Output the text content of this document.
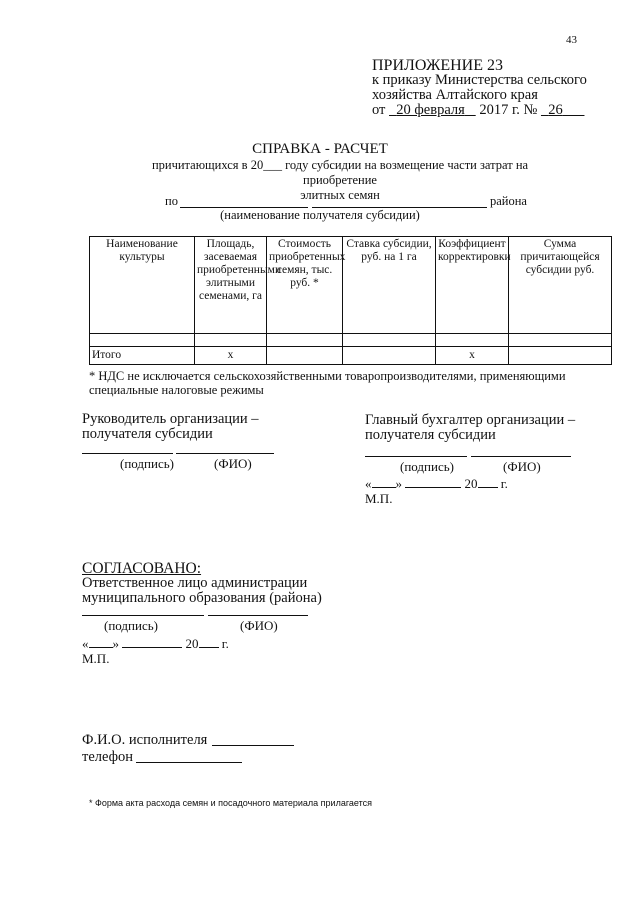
43
ПРИЛОЖЕНИЕ 23
к приказу Министерства сельского
хозяйства Алтайского края
от 20 февраля 2017 г. № 26
СПРАВКА - РАСЧЕТ
причитающихся в 20___ году субсидии на возмещение части затрат на приобретение
элитных семян
по	района
(наименование получателя субсидии)
Наименование культуры	Площадь, засеваемая приобретенными элитными семенами, га	Стоимость приобретенных семян, тыс. руб. *	Ставка субсидии, руб. на 1 га	Коэффициент корректировки	Сумма причитающейся субсидии руб.

Итого	х			х	
* НДС не исключается сельскохозяйственными товаропроизводителями, применяющими специальные налоговые режимы
Руководитель организации –
получателя субсидии
(подпись)	(ФИО)
Главный бухгалтер организации –
получателя субсидии
(подпись)	(ФИО)
« »	20 г.
М.П.
СОГЛАСОВАНО:
Ответственное лицо администрации
муниципального образования (района)
(подпись)	(ФИО)
« »	20 г.
М.П.
Ф.И.О. исполнителя
телефон
* Форма акта расхода семян и посадочного материала прилагается
